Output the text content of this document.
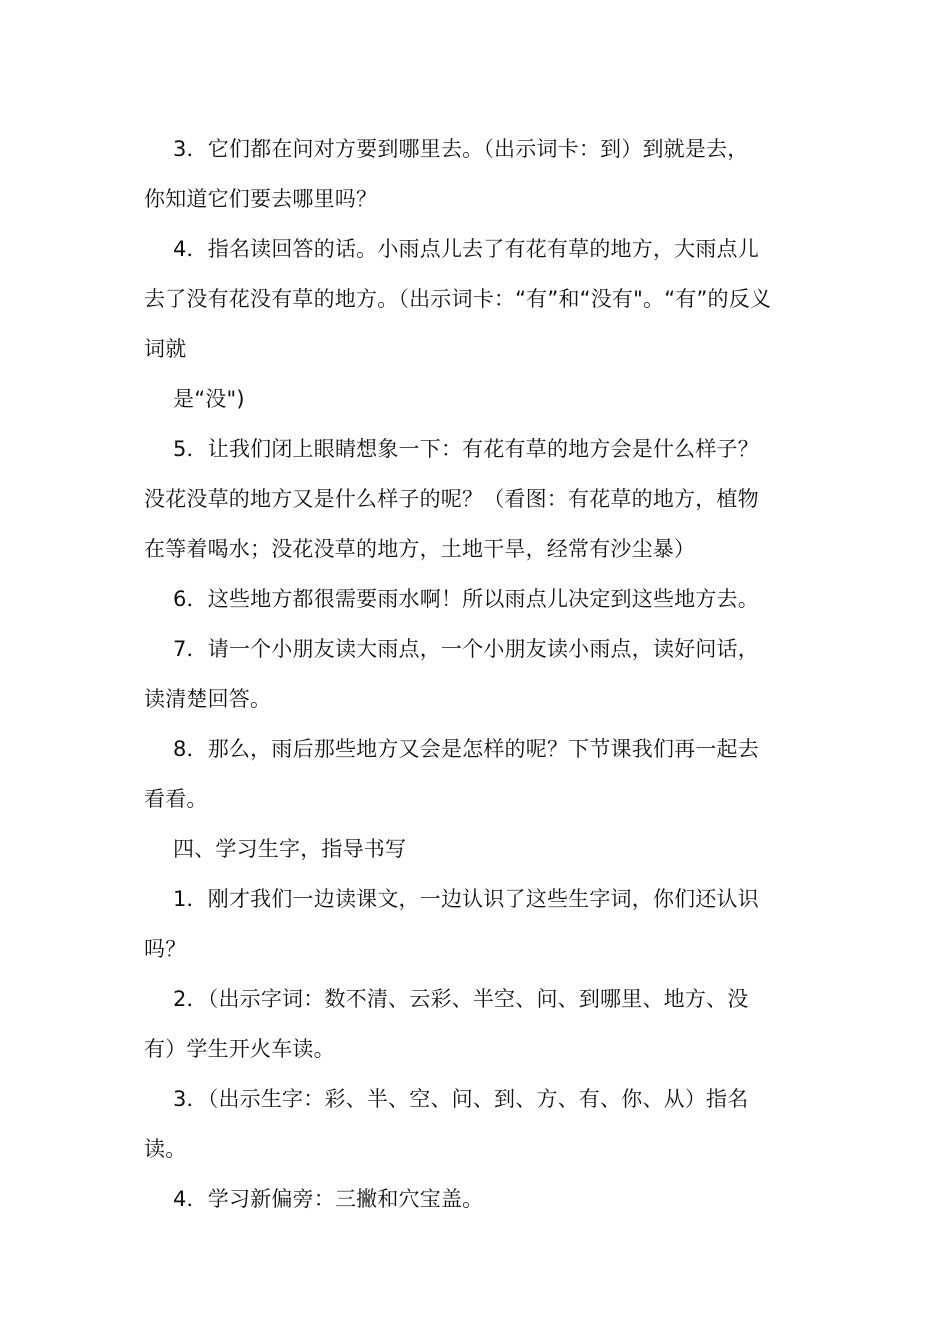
3．它们都在问对方要到哪里去。（出示词卡：到）到就是去，
你知道它们要去哪里吗？
4．指名读回答的话。小雨点儿去了有花有草的地方，大雨点儿
去了没有花没有草的地方。（出示词卡：“有”和“没有"。“有”的反义
词就
是“没")
5．让我们闭上眼睛想象一下：有花有草的地方会是什么样子？
没花没草的地方又是什么样子的呢？（看图：有花草的地方，植物
在等着喝水；没花没草的地方，土地干旱，经常有沙尘暴）
6．这些地方都很需要雨水啊！所以雨点儿决定到这些地方去。
7．请一个小朋友读大雨点，一个小朋友读小雨点，读好问话，
读清楚回答。
8．那么，雨后那些地方又会是怎样的呢？下节课我们再一起去
看看。
四、学习生字，指导书写
1．刚才我们一边读课文，一边认识了这些生字词，你们还认识
吗？
2．（出示字词：数不清、云彩、半空、问、到哪里、地方、没
有）学生开火车读。
3．（出示生字：彩、半、空、问、到、方、有、你、从）指名
读。
4．学习新偏旁：三撇和穴宝盖。
